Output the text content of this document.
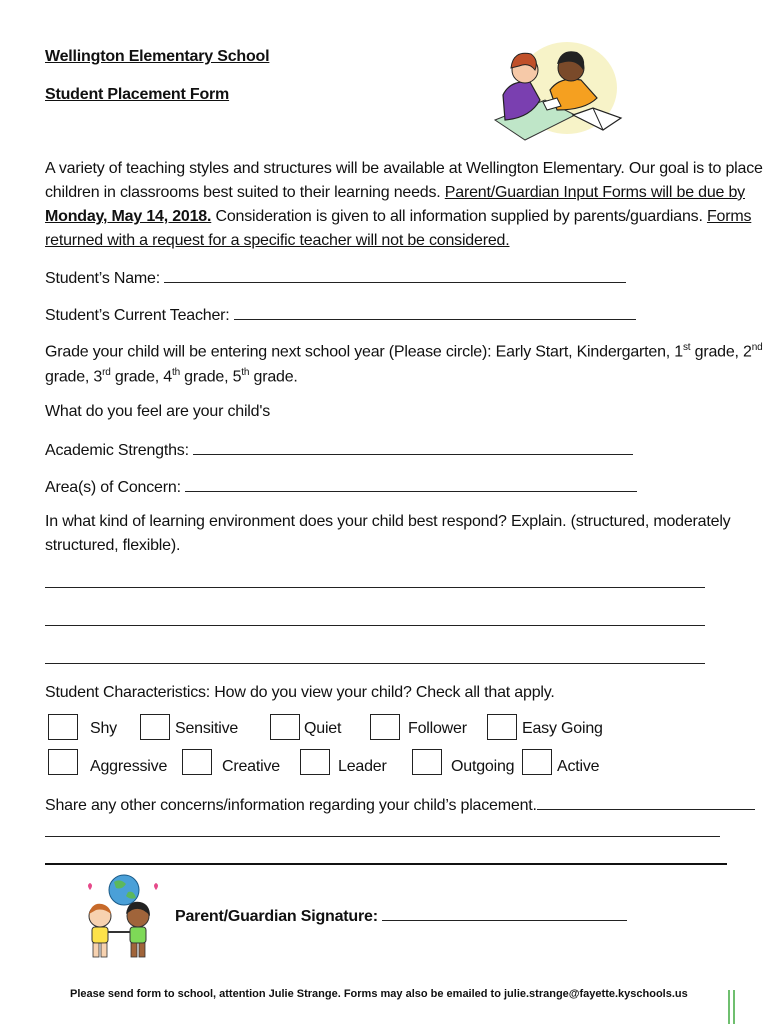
Wellington Elementary School
Student Placement Form
A variety of teaching styles and structures will be available at Wellington Elementary. Our goal is to place
children in classrooms best suited to their learning needs. Parent/Guardian Input Forms will be due by
Monday, May 14, 2018. Consideration is given to all information supplied by parents/guardians. Forms
returned with a request for a specific teacher will not be considered.
Student’s Name:
Student’s Current Teacher:
Grade your child will be entering next school year (Please circle): Early Start, Kindergarten, 1st grade, 2nd
grade, 3rd grade, 4th grade, 5th grade.
What do you feel are your child's
Academic Strengths:
Area(s) of Concern:
In what kind of learning environment does your child best respond? Explain. (structured, moderately
structured, flexible).
Student Characteristics: How do you view your child? Check all that apply.
Shy	Sensitive	Quiet	Follower	Easy Going
Aggressive	Creative	Leader	Outgoing	Active
Share any other concerns/information regarding your child’s placement.
Parent/Guardian Signature:
Please send form to school, attention Julie Strange. Forms may also be emailed to julie.strange@fayette.kyschools.us
